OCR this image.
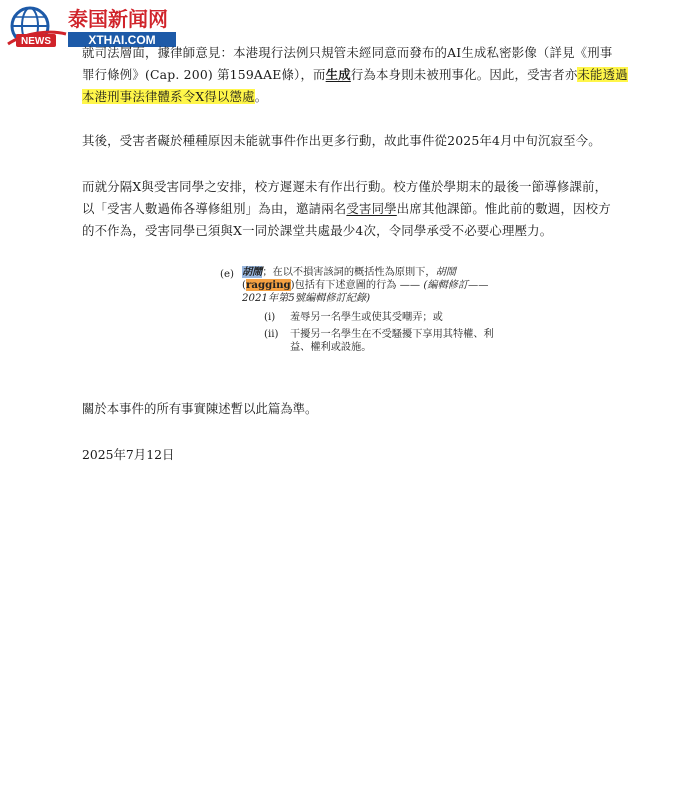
NEWS
泰国新闻网
XTHAI.COM
就司法層面，據律師意見：本港現行法例只規管未經同意而發布的AI生成私密影像（詳見《刑事
罪行條例》(Cap. 200) 第159AAE條），而生成行為本身則未被刑事化。因此，受害者亦未能透過
本港刑事法律體系令X得以懲處。
其後，受害者礙於種種原因未能就事件作出更多行動，故此事件從2025年4月中旬沉寂至今。
而就分隔X與受害同學之安排，校方遲遲未有作出行動。校方僅於學期末的最後一節導修課前，
以「受害人數過佈各導修組別」為由，邀請兩名受害同學出席其他課節。惟此前的數週，因校方
的不作為，受害同學已須與X一同於課堂共處最少4次，令同學承受不必要心理壓力。
關於本事件的所有事實陳述暫以此篇為準。
2025年7月12日
(e) 胡鬧；在以不損害該詞的概括性為原則下，胡鬧
(ragging)包括有下述意圖的行為 —— (編輯修訂——
2021年第5號編輯修訂紀錄)
(i) 羞辱另一名學生或使其受嘲弄；或
(ii) 干擾另一名學生在不受騷擾下享用其特權、利
益、權利或設施。
